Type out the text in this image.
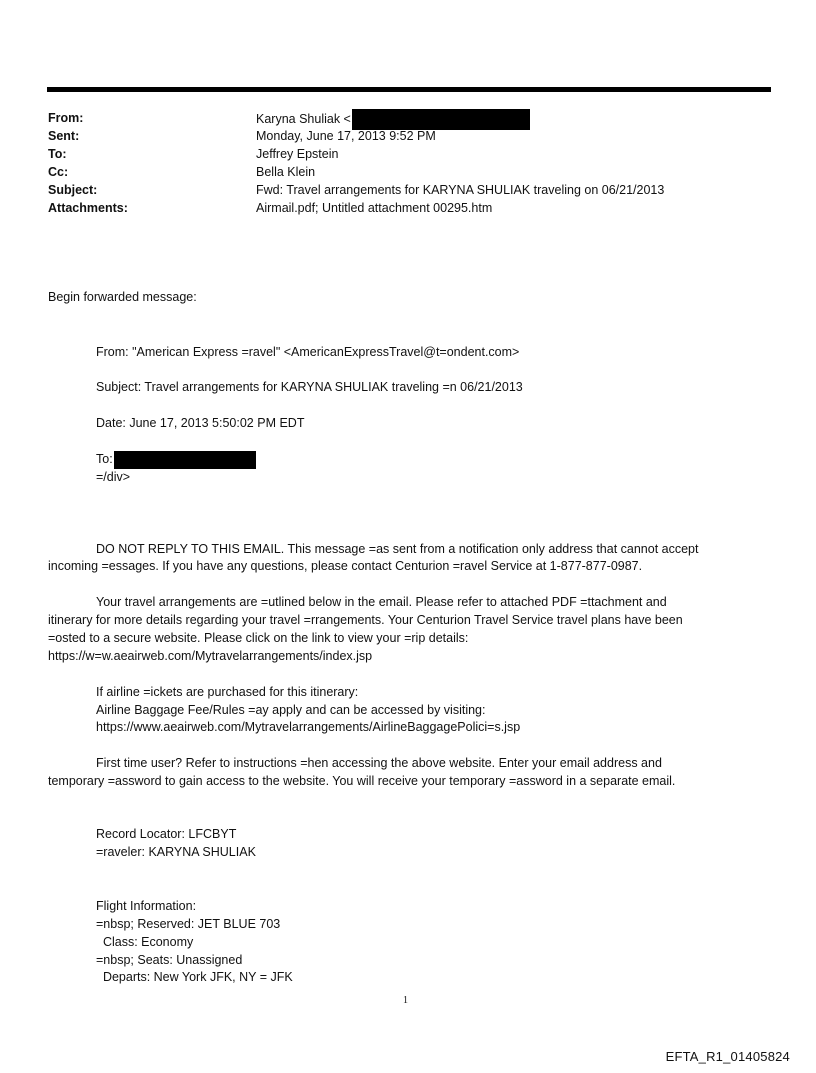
From:	Karyna Shuliak <
Sent:	Monday, June 17, 2013 9:52 PM
To:	Jeffrey Epstein
Cc:	Bella Klein
Subject:	Fwd: Travel arrangements for KARYNA SHULIAK traveling on 06/21/2013
Attachments:	Airmail.pdf; Untitled attachment 00295.htm
Begin forwarded message:
From: "American Express =ravel" <AmericanExpressTravel@t=ondent.com>
Subject: Travel arrangements for KARYNA SHULIAK traveling =n 06/21/2013
Date: June 17, 2013 5:50:02 PM EDT
To:
=/div>
DO NOT REPLY TO THIS EMAIL. This message =as sent from a notification only address that cannot accept
incoming =essages. If you have any questions, please contact Centurion =ravel Service at 1-877-877-0987.
Your travel arrangements are =utlined below in the email. Please refer to attached PDF =ttachment and
itinerary for more details regarding your travel =rrangements. Your Centurion Travel Service travel plans have been
=osted to a secure website. Please click on the link to view your =rip details:
https://w=w.aeairweb.com/Mytravelarrangements/index.jsp
If airline =ickets are purchased for this itinerary:
Airline Baggage Fee/Rules =ay apply and can be accessed by visiting:
https://www.aeairweb.com/Mytravelarrangements/AirlineBaggagePolici=s.jsp
First time user? Refer to instructions =hen accessing the above website. Enter your email address and
temporary =assword to gain access to the website. You will receive your temporary =assword in a separate email.
Record Locator: LFCBYT
=raveler: KARYNA SHULIAK
Flight Information:
=nbsp; Reserved: JET BLUE 703
Class: Economy
=nbsp; Seats: Unassigned
Departs: New York JFK, NY = JFK
1
EFTA_R1_01405824
